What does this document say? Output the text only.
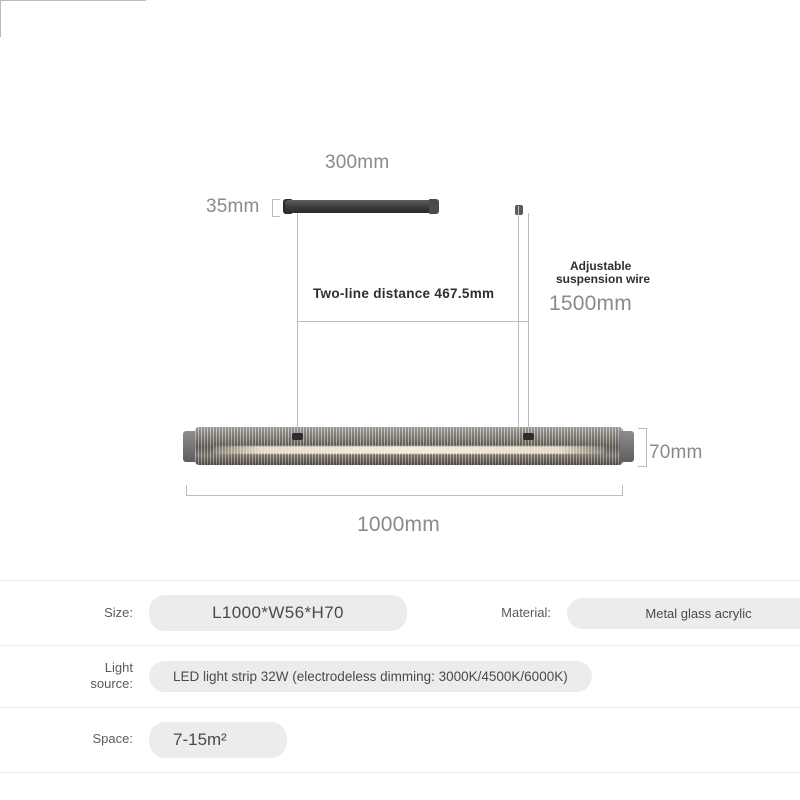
300mm
35mm
Two-line distance 467.5mm
Adjustable
suspension wire
1500mm
70mm
1000mm
Size:	L1000*W56*H70	Material:	Metal glass acrylic
Light
source:	LED light strip 32W (electrodeless dimming: 3000K/4500K/6000K)
Space:	7-15m²
